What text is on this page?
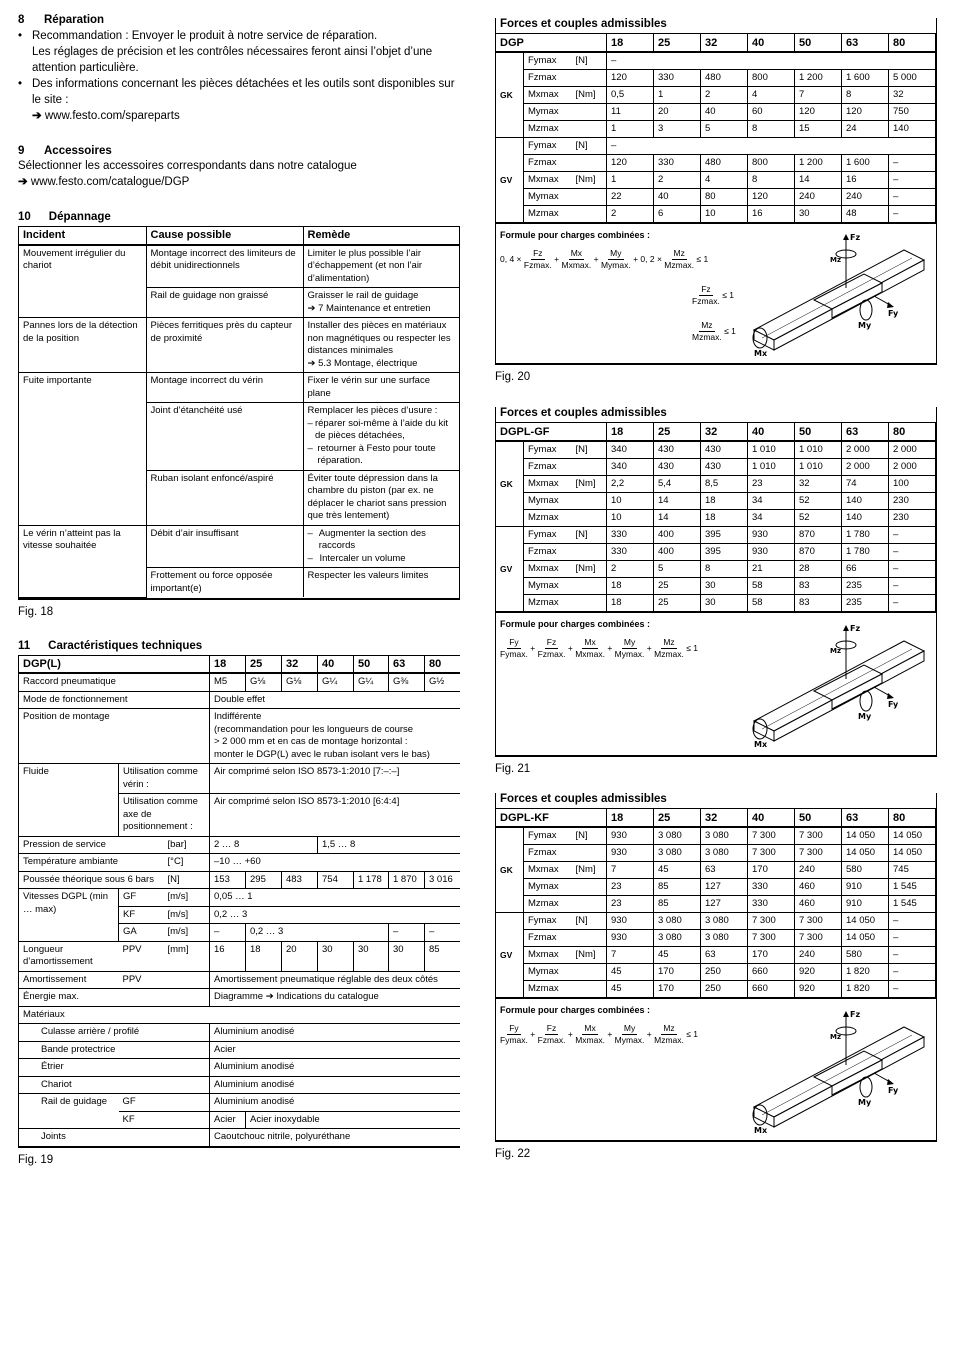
8 Réparation
• Recommandation : Envoyer le produit à notre service de réparation.
Les réglages de précision et les contrôles nécessaires feront ainsi l’objet d’une attention particulière.
• Des informations concernant les pièces détachées et les outils sont disponibles sur le site :
➔ www.festo.com/spareparts
9 Accessoires
Sélectionner les accessoires correspondants dans notre catalogue
➔ www.festo.com/catalogue/DGP
10 Dépannage
Incident	Cause possible	Remède
Mouvement irrégulier du chariot	Montage incorrect des limiteurs de débit unidirectionnels	Limiter le plus possible l’air d’échappement (et non l’air d’alimentation)
	Rail de guidage non graissé	Graisser le rail de guidage
➔ 7 Maintenance et entretien
Pannes lors de la détection de la position	Pièces ferritiques près du capteur de proximité	Installer des pièces en matériaux non magnétiques ou respecter les distances minimales
➔ 5.3 Montage, électrique
Fuite importante	Montage incorrect du vérin	Fixer le vérin sur une surface plane
	Joint d’étanchéité usé	Remplacer les pièces d’usure :
– réparer soi-même à l’aide du kit de pièces détachées,
– retourner à Festo pour toute réparation.

	Ruban isolant enfoncé/aspiré	Éviter toute dépression dans la chambre du piston (par ex. ne déplacer le chariot sans pression que très lentement)
Le vérin n’atteint pas la vitesse souhaitée	Débit d’air insuffisant	– Augmenter la section des raccords
– Intercaler un volume

	Frottement ou force opposée important(e)	Respecter les valeurs limites
Fig. 18
11 Caractéristiques techniques
DGP(L)			18	25	32	40	50	63	80
Raccord pneumatique			M5	G⅛	G⅛	G¼	G¼	G⅜	G½
Mode de fonctionnement			Double effet						
Position de montage			Indifférente
(recommandation pour les longueurs de course
> 2 000 mm et en cas de montage horizontal :
monter le DGP(L) avec le ruban isolant vers le bas)						
Fluide	Utilisation comme vérin :		Air comprimé selon ISO 8573-1:2010 [7:–:–]						
	Utilisation comme axe de positionnement :		Air comprimé selon ISO 8573-1:2010 [6:4:4]						
Pression de service		[bar]	2 … 8			1,5 … 8			
Température ambiante		[°C]	–10 … +60						
Poussée théorique sous 6 bars		[N]	153	295	483	754	1 178	1 870	3 016
Vitesses DGPL (min … max)	GF	[m/s]	0,05 … 1						
	KF	[m/s]	0,2 … 3						
	GA	[m/s]	–	0,2 … 3				–	–
Longueur d’amortissement	PPV	[mm]	16	18	20	30	30	30	85
Amortissement	PPV		Amortissement pneumatique réglable des deux côtés						
Énergie max.			Diagramme ➔ Indications du catalogue						
Matériaux									
Culasse arrière / profilé			Aluminium anodisé						
Bande protectrice			Acier						
Étrier			Aluminium anodisé						
Chariot			Aluminium anodisé						
Rail de guidage	GF		Aluminium anodisé						
	KF		Acier	Acier inoxydable					
Joints			Caoutchouc nitrile, polyuréthane						
Fig. 19
Forces et couples admissibles
DGP			18	25	32	40	50	63	80
GK	Fymax	[N]	–						
	Fzmax		120	330	480	800	1 200	1 600	5 000
	Mxmax	[Nm]	0,5	1	2	4	7	8	32
	Mymax		11	20	40	60	120	120	750
	Mzmax		1	3	5	8	15	24	140
GV	Fymax	[N]	–						
	Fzmax		120	330	480	800	1 200	1 600	–
	Mxmax	[Nm]	1	2	4	8	14	16	–
	Mymax		22	40	80	120	240	240	–
	Mzmax		2	6	10	16	30	48	–
Formule pour charges combinées :
0, $4 \times \frac{Fz}{Fzmax.} + \frac{Mx}{Mxmax.} + \frac{My}{Mymax.} + 0$, $2 \times \frac{Mz}{Mzmax.} \le 1$
$\frac{Fz}{Fzmax.} \le 1$
$\frac{Mz}{Mzmax.} \le 1$
Fz
Mz
Fy
My
Mx
Fig. 20
Forces et couples admissibles
DGPL-GF			18	25	32	40	50	63	80
GK	Fymax	[N]	340	430	430	1 010	1 010	2 000	2 000
	Fzmax		340	430	430	1 010	1 010	2 000	2 000
	Mxmax	[Nm]	2,2	5,4	8,5	23	32	74	100
	Mymax		10	14	18	34	52	140	230
	Mzmax		10	14	18	34	52	140	230
GV	Fymax	[N]	330	400	395	930	870	1 780	–
	Fzmax		330	400	395	930	870	1 780	–
	Mxmax	[Nm]	2	5	8	21	28	66	–
	Mymax		18	25	30	58	83	235	–
	Mzmax		18	25	30	58	83	235	–
Formule pour charges combinées :
$\frac{Fy}{Fymax.} + \frac{Fz}{Fzmax.} + \frac{Mx}{Mxmax.} + \frac{My}{Mymax.} + \frac{Mz}{Mzmax.} \le 1$
Fz
Mz
Fy
My
Mx
Fig. 21
Forces et couples admissibles
DGPL-KF			18	25	32	40	50	63	80
GK	Fymax	[N]	930	3 080	3 080	7 300	7 300	14 050	14 050
	Fzmax		930	3 080	3 080	7 300	7 300	14 050	14 050
	Mxmax	[Nm]	7	45	63	170	240	580	745
	Mymax		23	85	127	330	460	910	1 545
	Mzmax		23	85	127	330	460	910	1 545
GV	Fymax	[N]	930	3 080	3 080	7 300	7 300	14 050	–
	Fzmax		930	3 080	3 080	7 300	7 300	14 050	–
	Mxmax	[Nm]	7	45	63	170	240	580	–
	Mymax		45	170	250	660	920	1 820	–
	Mzmax		45	170	250	660	920	1 820	–
Formule pour charges combinées :
$\frac{Fy}{Fymax.} + \frac{Fz}{Fzmax.} + \frac{Mx}{Mxmax.} + \frac{My}{Mymax.} + \frac{Mz}{Mzmax.} \le 1$
Fz
Mz
Fy
My
Mx
Fig. 22
